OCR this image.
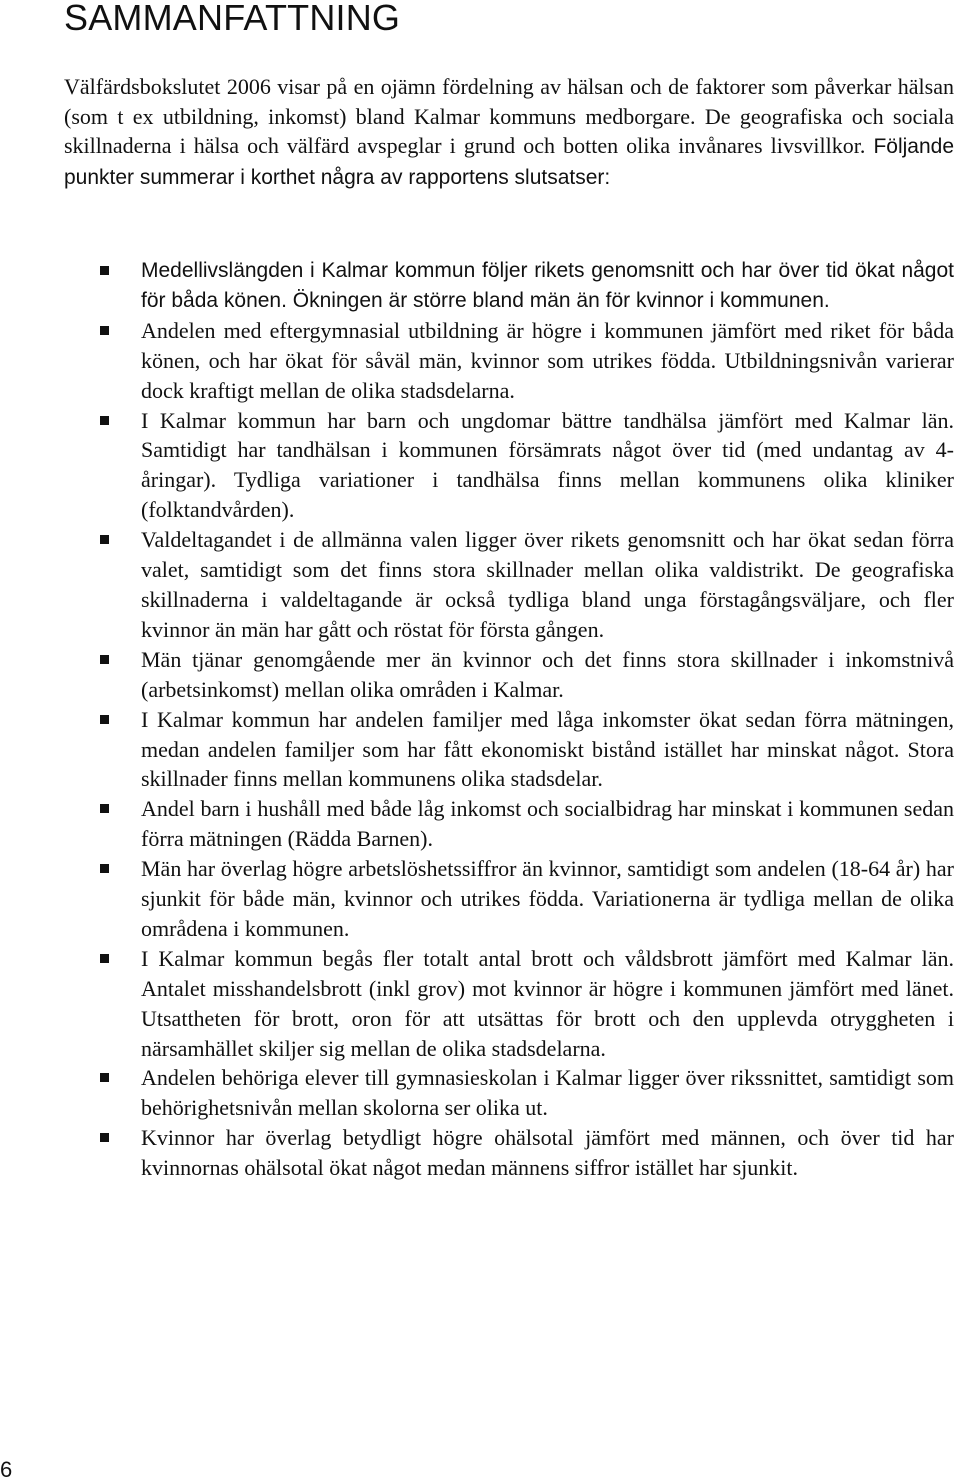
SAMMANFATTNING

Välfärdsbokslutet 2006 visar på en ojämn fördelning av hälsan och de faktorer som påverkar hälsan (som t ex utbildning, inkomst) bland Kalmar kommuns medborgare. De geografiska och sociala skillnaderna i hälsa och välfärd avspeglar i grund och botten olika invånares livsvillkor. Följande punkter summerar i korthet några av rapportens slutsatser:

Medellivslängden i Kalmar kommun följer rikets genomsnitt och har över tid ökat något för båda könen. Ökningen är större bland män än för kvinnor i kommunen.
Andelen med eftergymnasial utbildning är högre i kommunen jämfört med riket för båda könen, och har ökat för såväl män, kvinnor som utrikes födda. Utbildningsnivån varierar dock kraftigt mellan de olika stadsdelarna.
I Kalmar kommun har barn och ungdomar bättre tandhälsa jämfört med Kalmar län. Samtidigt har tandhälsan i kommunen försämrats något över tid (med undantag av 4-åringar). Tydliga variationer i tandhälsa finns mellan kommunens olika kliniker (folktandvården).
Valdeltagandet i de allmänna valen ligger över rikets genomsnitt och har ökat sedan förra valet, samtidigt som det finns stora skillnader mellan olika valdistrikt. De geografiska skillnaderna i valdeltagande är också tydliga bland unga förstagångsväljare, och fler kvinnor än män har gått och röstat för första gången.
Män tjänar genomgående mer än kvinnor och det finns stora skillnader i inkomstnivå (arbetsinkomst) mellan olika områden i Kalmar.
I Kalmar kommun har andelen familjer med låga inkomster ökat sedan förra mätningen, medan andelen familjer som har fått ekonomiskt bistånd istället har minskat något. Stora skillnader finns mellan kommunens olika stadsdelar.
Andel barn i hushåll med både låg inkomst och socialbidrag har minskat i kommunen sedan förra mätningen (Rädda Barnen).
Män har överlag högre arbetslöshetssiffror än kvinnor, samtidigt som andelen (18-64 år) har sjunkit för både män, kvinnor och utrikes födda. Variationerna är tydliga mellan de olika områdena i kommunen.
I Kalmar kommun begås fler totalt antal brott och våldsbrott jämfört med Kalmar län. Antalet misshandelsbrott (inkl grov) mot kvinnor är högre i kommunen jämfört med länet. Utsattheten för brott, oron för att utsättas för brott och den upplevda otryggheten i närsamhället skiljer sig mellan de olika stadsdelarna.
Andelen behöriga elever till gymnasieskolan i Kalmar ligger över rikssnittet, samtidigt som behörighetsnivån mellan skolorna ser olika ut.
Kvinnor har överlag betydligt högre ohälsotal jämfört med männen, och över tid har kvinnornas ohälsotal ökat något medan männens siffror istället har sjunkit.
6
